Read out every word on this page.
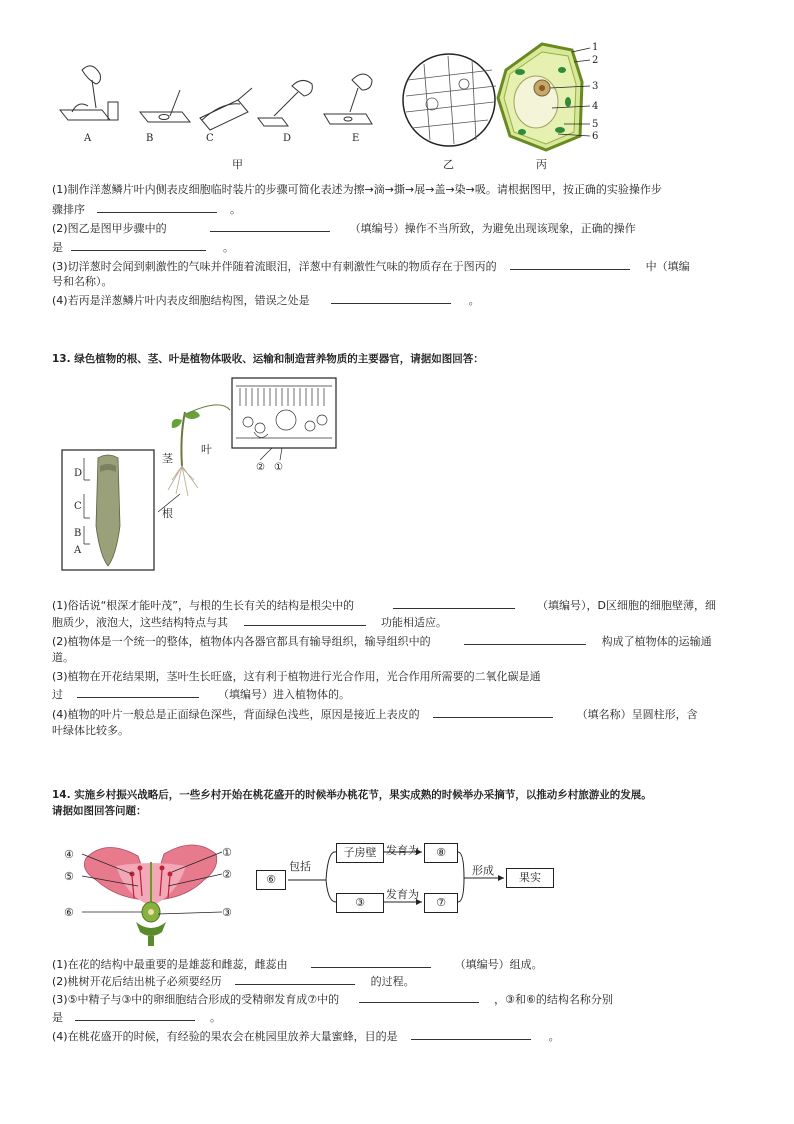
A	B	C	D	E
甲	乙	丙
1
2
3
4
5
6
(1)制作洋葱鳞片叶内侧表皮细胞临时装片的步骤可简化表述为擦→滴→撕→展→盖→染→吸。请根据图甲，按正确的实验操作步
骤排序	。
(2)图乙是图甲步骤中的	（填编号）操作不当所致，为避免出现该现象，正确的操作
是	。
(3)切洋葱时会闻到刺激性的气味并伴随着流眼泪，洋葱中有刺激性气味的物质存在于图丙的	中（填编
号和名称）。
(4)若丙是洋葱鳞片叶内表皮细胞结构图，错误之处是	。
13. 绿色植物的根、茎、叶是植物体吸收、运输和制造营养物质的主要器官，请据如图回答：
茎
叶
根
② ①
D
C
B
A
(1)俗话说“根深才能叶茂”，与根的生长有关的结构是根尖中的	（填编号），D区细胞的细胞壁薄，细
胞质少，液泡大，这些结构特点与其	功能相适应。
(2)植物体是一个统一的整体，植物体内各器官都具有输导组织，输导组织中的	构成了植物体的运输通
道。
(3)植物在开花结果期，茎叶生长旺盛，这有利于植物进行光合作用，光合作用所需要的二氧化碳是通
过	（填编号）进入植物体的。
(4)植物的叶片一般总是正面绿色深些，背面绿色浅些，原因是接近上表皮的	（填名称）呈圆柱形，含
叶绿体比较多。
14. 实施乡村振兴战略后，一些乡村开始在桃花盛开的时候举办桃花节，果实成熟的时候举办采摘节，以推动乡村旅游业的发展。
请据如图回答问题：
④
⑤
⑥
①
②
③
⑥
包括
子房壁 发育为	⑧
形成
果实
③
发育为
⑦
(1)在花的结构中最重要的是雄蕊和雌蕊，雌蕊由	（填编号）组成。
(2)桃树开花后结出桃子必须要经历	的过程。
(3)⑤中精子与③中的卵细胞结合形成的受精卵发育成⑦中的	，③和⑥的结构名称分别
是	。
(4)在桃花盛开的时候，有经验的果农会在桃园里放养大量蜜蜂，目的是	。
